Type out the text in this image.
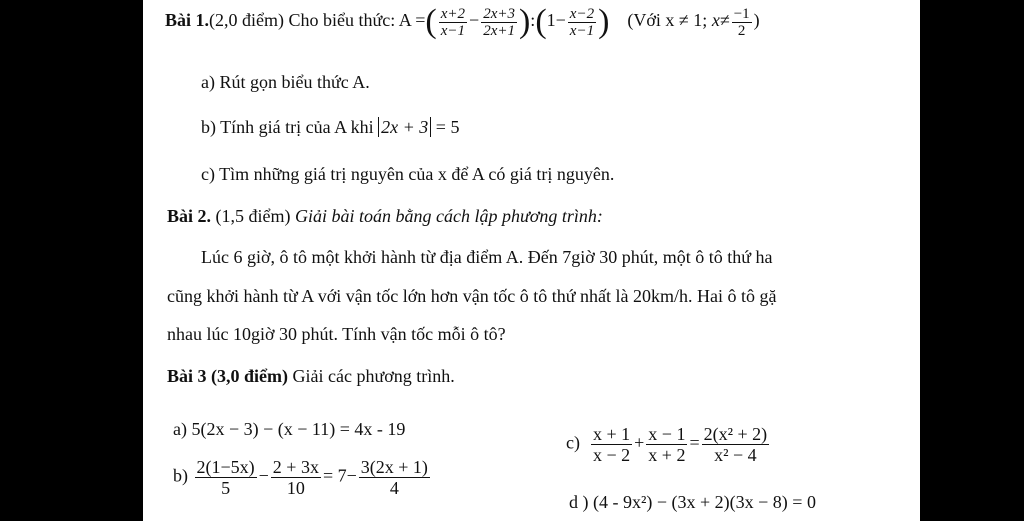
Bài 1.(2,0 điểm) Cho biểu thức: A =( $\frac{x+2}{x-1} - \frac{2x+3}{2x+1}$ ):(1− $\frac{x-2}{x-1}$ ) (Với x ≠ 1; $x\ne \frac{-1}{2}$ )
a) Rút gọn biểu thức A.
b) Tính giá trị của A khi 2x + 3 = 5
c) Tìm những giá trị nguyên của x để A có giá trị nguyên.
Bài 2. (1,5 điểm) Giải bài toán bằng cách lập phương trình:
Lúc 6 giờ, ô tô một khởi hành từ địa điểm A. Đến 7giờ 30 phút, một ô tô thứ ha
cũng khởi hành từ A với vận tốc lớn hơn vận tốc ô tô thứ nhất là 20km/h. Hai ô tô gặ
nhau lúc 10giờ 30 phút. Tính vận tốc mỗi ô tô?
Bài 3 (3,0 điểm) Giải các phương trình.
a) 5(2x − 3) − (x − 11) = 4x - 19
$b) \frac{2(1-5x)}{5} - \frac{2 + 3x}{10} = 7- \frac{3(2x + 1)}{4}$
$c) \frac{x + 1}{x - 2} + \frac{x - 1}{x + 2} = \frac{\text{2(x² + 2)}}{\text{x² − 4}}$
d ) (4 - 9x²) − (3x + 2)(3x − 8) = 0
